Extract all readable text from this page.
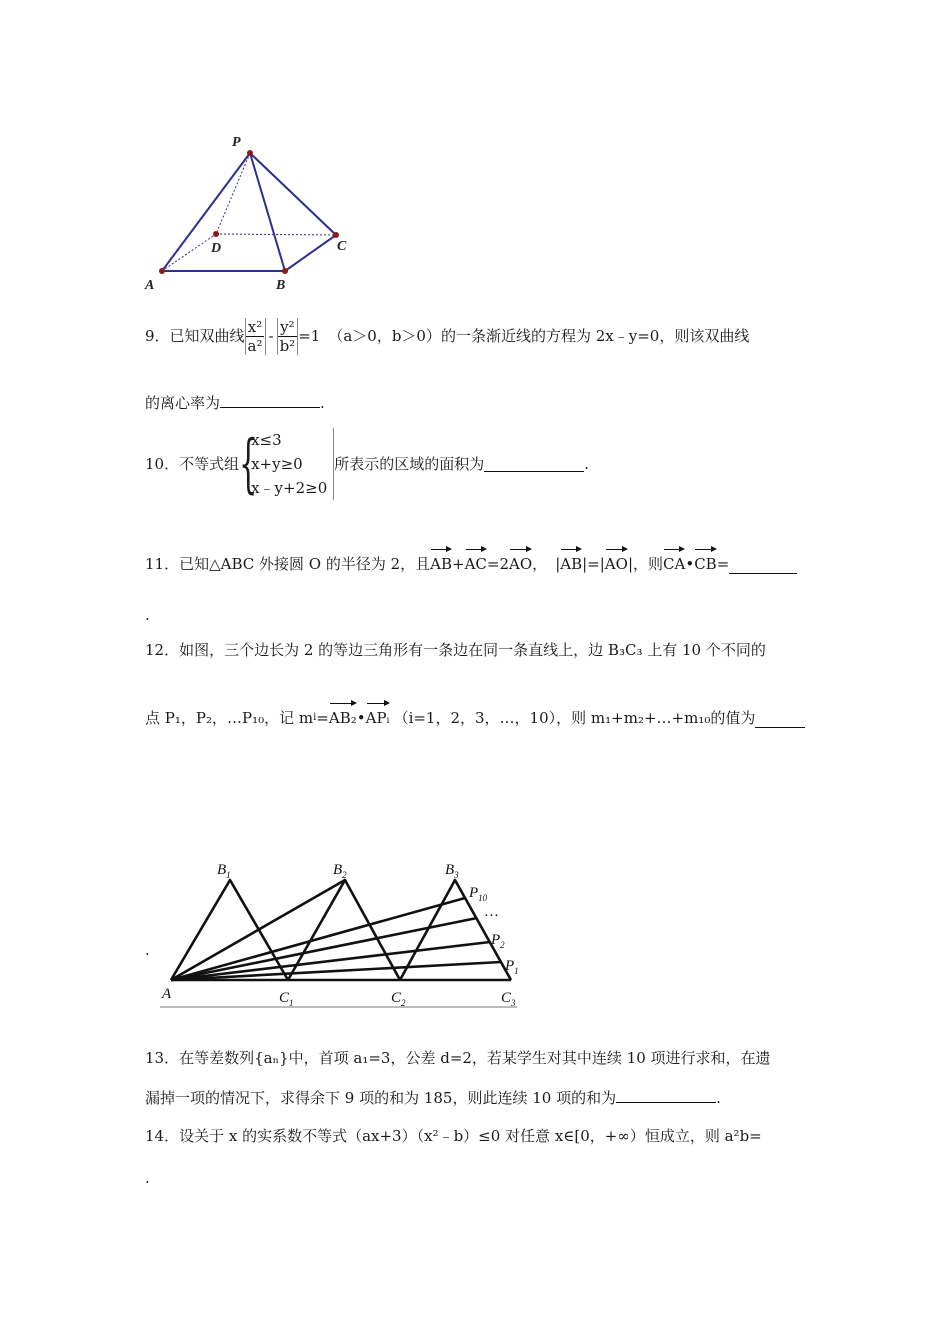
P
A	B
C
D
9．已知双曲线 $\frac{\text{x²}}{\text{a²}} - \frac{\text{y²}}{\text{b²}} =1$ （a＞0，b＞0）的一条渐近线的方程为 2x﹣y=0，则该双曲线
的离心率为	.
10．不等式组 {
x≤3
x+y≥0
x﹣y+2≥0
所表示的区域的面积为	.
11．已知△ABC 外接圆 O 的半径为 2，且 AB + AC =2 AO ， | AB |=| AO | ，则 CA • CB =
.
12．如图，三个边长为 2 的等边三角形有一条边在同一条直线上，边 B₃C₃ 上有 10 个不同的
点 P₁，P₂，…P₁₀，记 m i = AB₂ • APᵢ （i=1，2，3，…，10），则 m₁+m₂+…+m₁₀的值为
.
$B_1$	$B_2$	$B_3$
$P_{10}$
…
$P_2$
$P_1$
A	$C_1$	$C_2$	$C_3$
13．在等差数列{aₙ}中，首项 a₁=3，公差 d=2，若某学生对其中连续 10 项进行求和，在遗
漏掉一项的情况下，求得余下 9 项的和为 185，则此连续 10 项的和为	.
14．设关于 x 的实系数不等式（ax+3）（x²﹣b）≤0 对任意 x∈[0，+∞）恒成立，则 a²b=
.
